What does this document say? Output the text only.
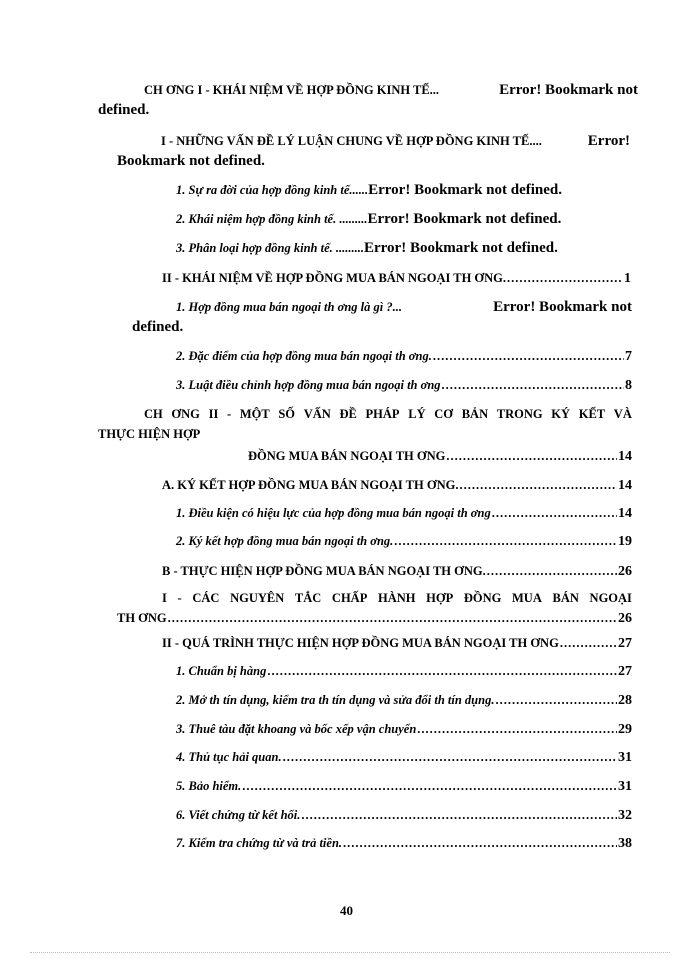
CH ƠNG I - KHÁI NIỆM VỀ HỢP ĐỒNG KINH TẾ...	Error! Bookmark not
defined.
I - NHỮNG VẤN ĐỀ LÝ LUẬN CHUNG VỀ HỢP ĐỒNG KINH TẾ....	Error!
Bookmark not defined.
1. Sự ra đời của hợp đồng kinh tế...... Error! Bookmark not defined.
2. Khái niệm hợp đồng kinh tế. ......... Error! Bookmark not defined.
3. Phân loại hợp đồng kinh tế. ......... Error! Bookmark not defined.
II - KHÁI NIỆM VỀ HỢP ĐỒNG MUA BÁN NGOẠI TH ƠNG. .....	1
1. Hợp đồng mua bán ngoại th ơng là gì ?...	Error! Bookmark not
defined.
2. Đặc điểm của hợp đồng mua bán ngoại th ơng. .....	7
3. Luật điều chỉnh hợp đồng mua bán ngoại th ơng .....	8
CH ƠNG II - MỘT SỐ VẤN ĐỀ PHÁP LÝ CƠ BẢN TRONG KÝ KẾT VÀ
THỰC HIỆN HỢP
ĐỒNG MUA BÁN NGOẠI TH ƠNG .....	14
A. KÝ KẾT HỢP ĐỒNG MUA BÁN NGOẠI TH ƠNG. .....	14
1. Điều kiện có hiệu lực của hợp đồng mua bán ngoại th ơng .....	14
2. Ký kết hợp đồng mua bán ngoại th ơng. .....	19
B - THỰC HIỆN HỢP ĐỒNG MUA BÁN NGOẠI TH ƠNG. .....	26
I - CÁC NGUYÊN TẮC CHẤP HÀNH HỢP ĐỒNG MUA BÁN NGOẠI
TH ƠNG .....	26
II - QUÁ TRÌNH THỰC HIỆN HỢP ĐỒNG MUA BÁN NGOẠI TH ƠNG .....	27
1. Chuẩn bị hàng .....	27
2. Mở th tín dụng, kiểm tra th tín dụng và sửa đổi th tín dụng. .....	28
3. Thuê tàu đặt khoang và bốc xếp vận chuyển .....	29
4. Thủ tục hải quan. .....	31
5. Bảo hiểm. .....	31
6. Viết chứng từ kết hối. .....	32
7. Kiểm tra chứng từ và trả tiền. .....	38
40
